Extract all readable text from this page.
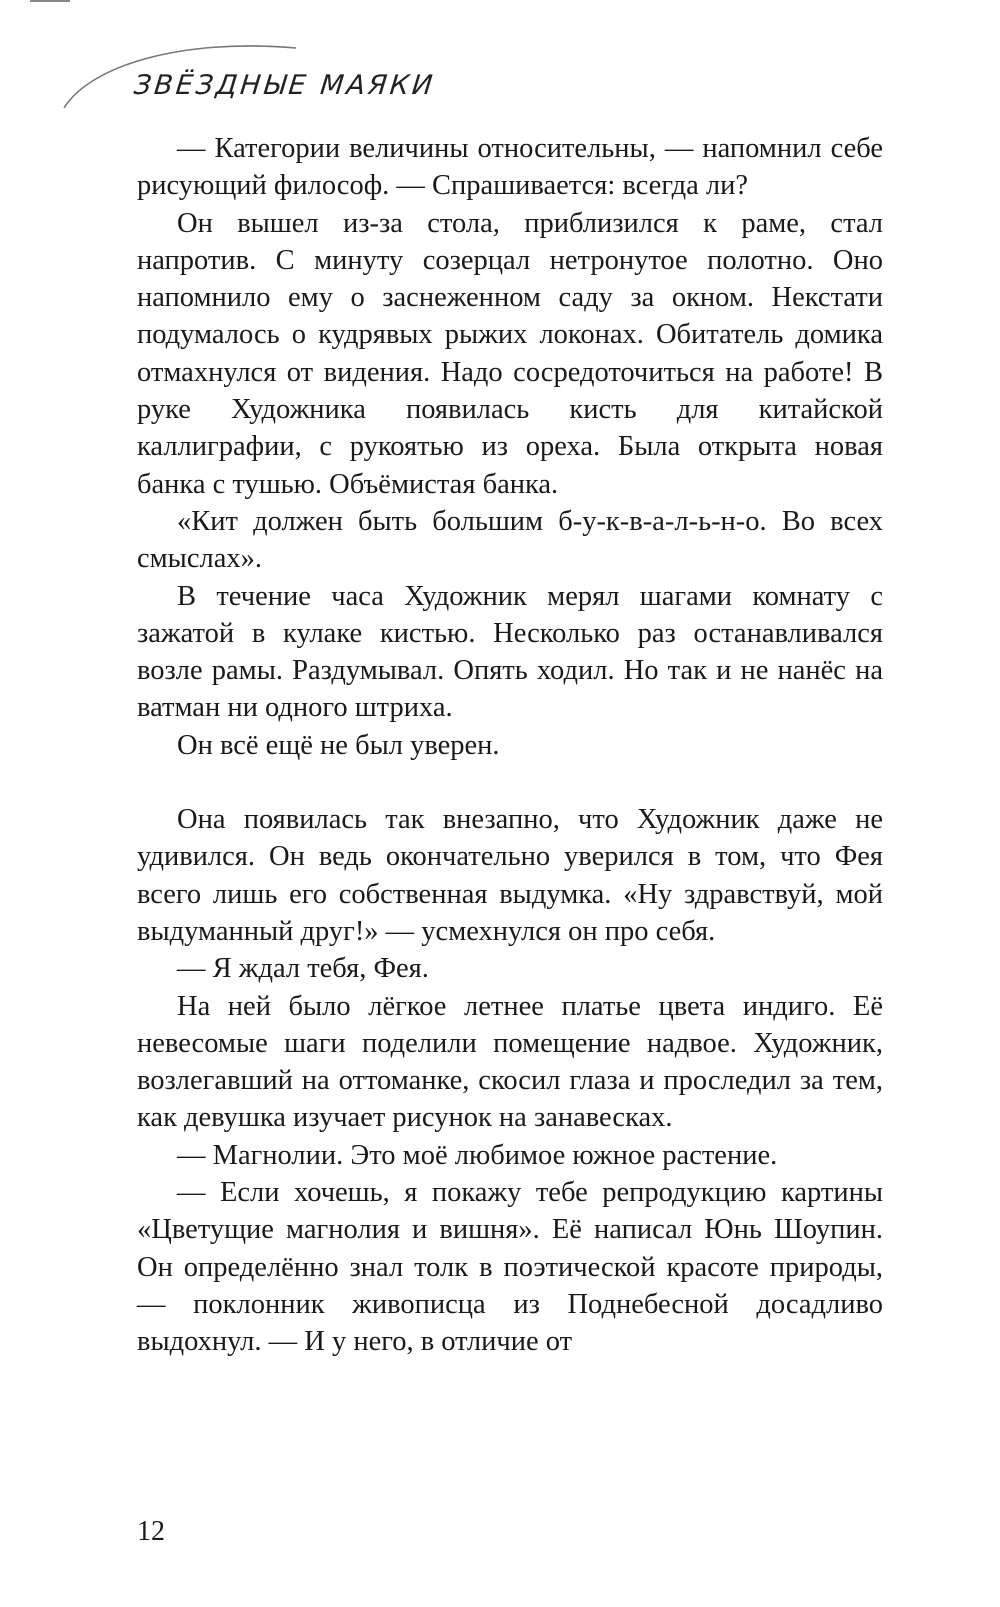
ЗВЁЗДНЫЕ МАЯКИ

— Категории величины относительны, — напомнил себе рисующий философ. — Спрашивается: всегда ли?

Он вышел из-за стола, приблизился к раме, стал напротив. С минуту созерцал нетронутое полотно. Оно напомнило ему о заснеженном саду за окном. Некстати подумалось о кудрявых рыжих локонах. Обитатель домика отмахнулся от видения. Надо сосредоточиться на работе! В руке Художника появилась кисть для китайской каллиграфии, с рукоятью из ореха. Была открыта новая банка с тушью. Объёмистая банка.

«Кит должен быть большим б-у-к-в-а-л-ь-н-о. Во всех смыслах».

В течение часа Художник мерял шагами комнату с зажатой в кулаке кистью. Несколько раз останавливался возле рамы. Раздумывал. Опять ходил. Но так и не нанёс на ватман ни одного штриха.

Он всё ещё не был уверен.

Она появилась так внезапно, что Художник даже не удивился. Он ведь окончательно уверился в том, что Фея всего лишь его собственная выдумка. «Ну здравствуй, мой выдуманный друг!» — усмехнулся он про себя.

— Я ждал тебя, Фея.

На ней было лёгкое летнее платье цвета индиго. Её невесомые шаги поделили помещение надвое. Художник, возлегавший на оттоманке, скосил глаза и проследил за тем, как девушка изучает рисунок на занавесках.

— Магнолии. Это моё любимое южное растение.

— Если хочешь, я покажу тебе репродукцию картины «Цветущие магнолия и вишня». Её написал Юнь Шоупин. Он определённо знал толк в поэтической красоте природы, — поклонник живописца из Поднебесной досадливо выдохнул. — И у него, в отличие от

12
